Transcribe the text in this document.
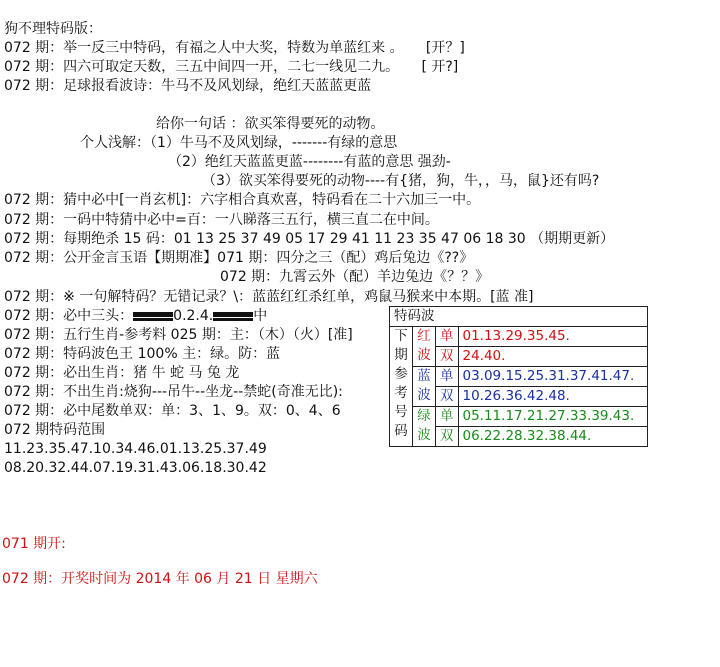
狗不理特码版：
072 期：举一反三中特码，有福之人中大奖，特数为单蓝红来 。 [开？]
072 期：四六可取定天数，三五中间四一开，二七一线见二九。 [ 开?]
072 期：足球报看波诗：牛马不及风划绿，绝红天蓝蓝更蓝
给你一句话 ：欲买笨得要死的动物。
个人浅解：（1）牛马不及风划绿，-------有绿的意思
（2）绝红天蓝蓝更蓝--------有蓝的意思 强劲-
（3）欲买笨得要死的动物----有{猪，狗，牛，，马，鼠}还有吗?
072 期：猜中必中[一肖玄机]：六字相合真欢喜，特码看在二十六加三一中。
072 期：一码中特猜中必中=百：一八睇落三五行，横三直二在中间。
072 期：每期绝杀 15 码：01 13 25 37 49 05 17 29 41 11 23 35 47 06 18 30 （期期更新）
072 期：公开金言玉语【期期准】071 期：四分之三（配）鸡后兔边《??》
072 期：九霄云外（配）羊边兔边《？？》
072 期：※ 一句解特码？无错记录？\：蓝蓝红红杀红单，鸡鼠马猴来中本期。[蓝 准]
072 期：必中三头：	0.2.4.	中
072 期：五行生肖-参考料 025 期：主：（木）（火）[准]
072 期：特码波色王 100% 主：绿。防：蓝
072 期：必出生肖：猪 牛 蛇 马 兔 龙
072 期：不出生肖:烧狗---吊牛--坐龙--禁蛇(奇准无比):
072 期：必中尾数单双：单：3、1、9。双：0、4、6
072 期特码范围
11.23.35.47.10.34.46.01.13.25.37.49
08.20.32.44.07.19.31.43.06.18.30.42
特码波			
下期参考号码	红波	单	01.13.29.35.45.
		双	24.40.
	蓝波	单	03.09.15.25.31.37.41.47.
		双	10.26.36.42.48.
	绿波	单	05.11.17.21.27.33.39.43.
		双	06.22.28.32.38.44.
071 期开:
072 期：开奖时间为 2014 年 06 月 21 日 星期六
